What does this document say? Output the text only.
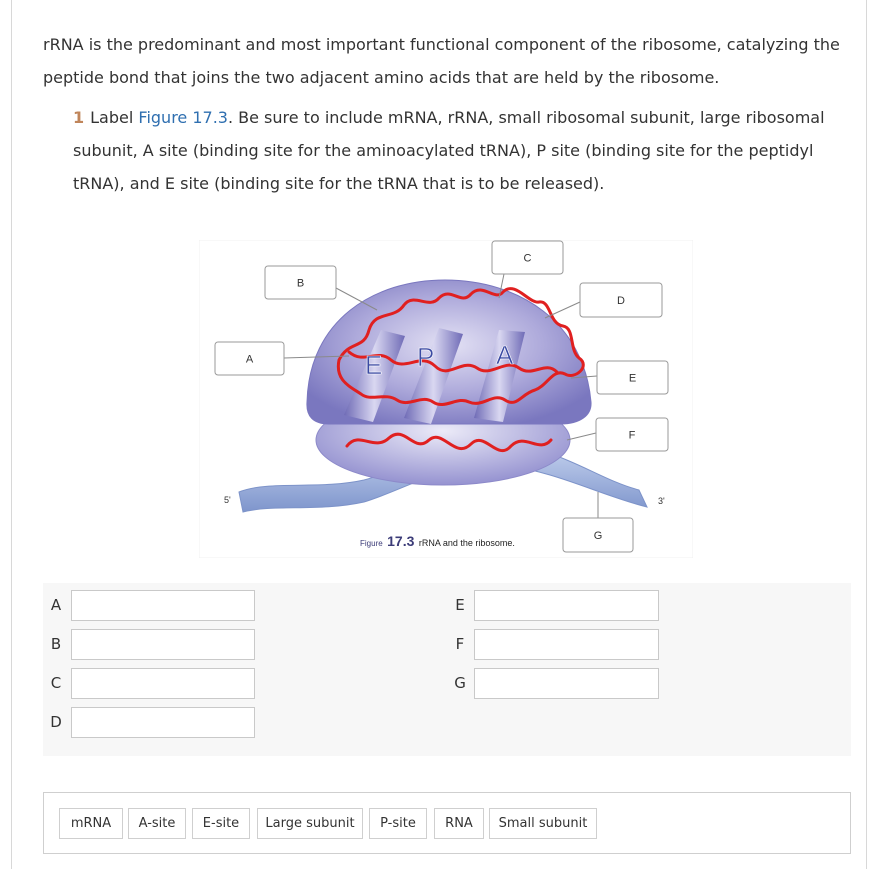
rRNA is the predominant and most important functional component of the ribosome, catalyzing the peptide bond that joins the two adjacent amino acids that are held by the ribosome.
1 Label Figure 17.3. Be sure to include mRNA, rRNA, small ribosomal subunit, large ribosomal subunit, A site (binding site for the aminoacylated tRNA), P site (binding site for the peptidyl tRNA), and E site (binding site for the tRNA that is to be released).
E P A
A
B
C
D
E
F
G
5'	3'
Figure 17.3 rRNA and the ribosome.
A
B
C
D
E
F
G
mRNA	A-site	E-site	Large subunit	P-site	RNA	Small subunit
